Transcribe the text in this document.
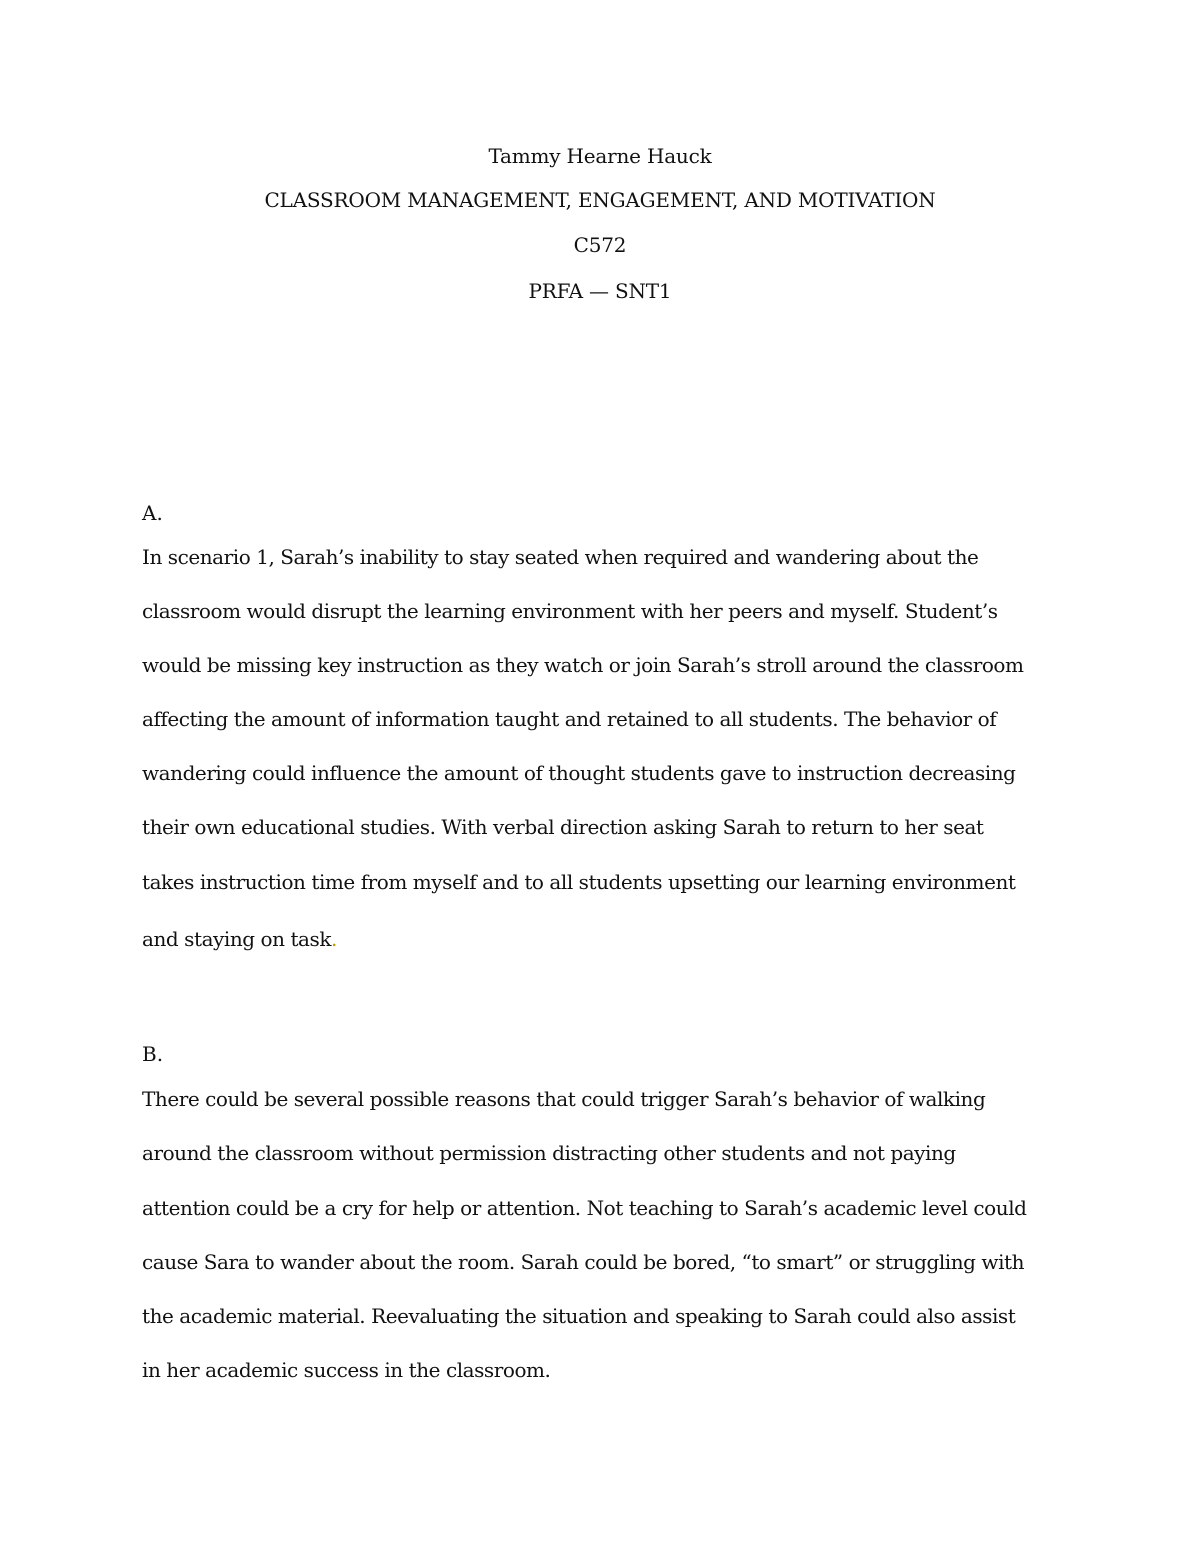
Tammy Hearne Hauck
CLASSROOM MANAGEMENT, ENGAGEMENT, AND MOTIVATION
C572
PRFA — SNT1
A.
In scenario 1, Sarah’s inability to stay seated when required and wandering about the
classroom would disrupt the learning environment with her peers and myself. Student’s
would be missing key instruction as they watch or join Sarah’s stroll around the classroom
affecting the amount of information taught and retained to all students. The behavior of
wandering could influence the amount of thought students gave to instruction decreasing
their own educational studies. With verbal direction asking Sarah to return to her seat
takes instruction time from myself and to all students upsetting our learning environment
and staying on task.
B.
There could be several possible reasons that could trigger Sarah’s behavior of walking
around the classroom without permission distracting other students and not paying
attention could be a cry for help or attention. Not teaching to Sarah’s academic level could
cause Sara to wander about the room. Sarah could be bored, “to smart” or struggling with
the academic material. Reevaluating the situation and speaking to Sarah could also assist
in her academic success in the classroom.
